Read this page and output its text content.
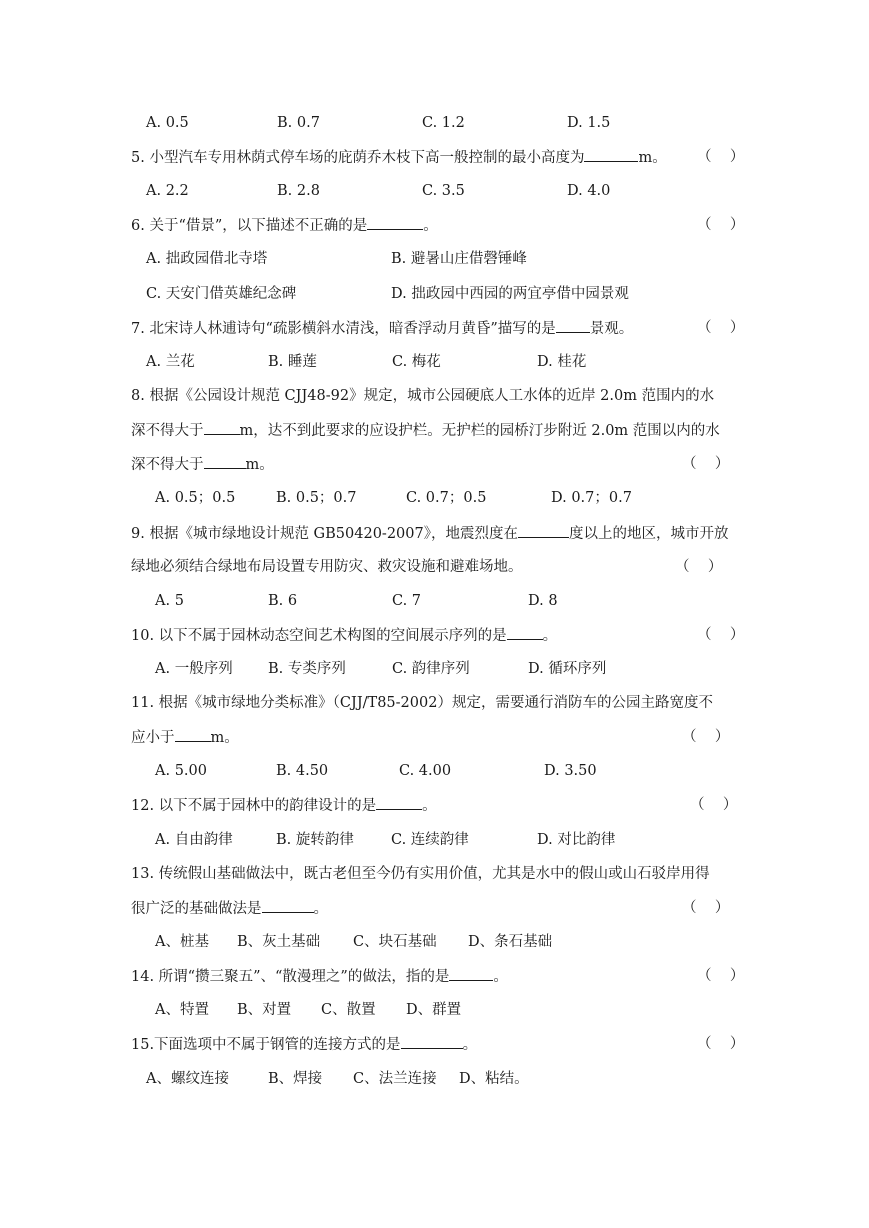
A. 0.5	B. 0.7	C. 1.2	D. 1.5
5. 小型汽车专用林荫式停车场的庇荫乔木枝下高一般控制的最小高度为	m。 （    ）
A. 2.2	B. 2.8	C. 3.5	D. 4.0
6. 关于“借景”，以下描述不正确的是	。	（    ）
A. 拙政园借北寺塔	B. 避暑山庄借磬锤峰
C. 天安门借英雄纪念碑	D. 拙政园中西园的两宜亭借中园景观
7. 北宋诗人林逋诗句“疏影横斜水清浅，暗香浮动月黄昏”描写的是 景观。	（    ）
A. 兰花	B. 睡莲	C. 梅花	D. 桂花
8. 根据《公园设计规范 CJJ48-92》规定，城市公园硬底人工水体的近岸 2.0m 范围内的水
深不得大于 m，达不到此要求的应设护栏。无护栏的园桥汀步附近 2.0m 范围以内的水
深不得大于	m。	（    ）
A. 0.5；0.5	B. 0.5；0.7	C. 0.7；0.5	D. 0.7；0.7
9. 根据《城市绿地设计规范 GB50420-2007》，地震烈度在	度以上的地区，城市开放
绿地必须结合绿地布局设置专用防灾、救灾设施和避难场地。	（    ）
A. 5	B. 6	C. 7	D. 8
10. 以下不属于园林动态空间艺术构图的空间展示序列的是 。	（    ）
A. 一般序列 B. 专类序列	C. 韵律序列	D. 循环序列
11. 根据《城市绿地分类标准》（CJJ/T85-2002）规定，需要通行消防车的公园主路宽度不
应小于 m。	（    ）
A. 5.00	B. 4.50	C. 4.00	D. 3.50
12. 以下不属于园林中的韵律设计的是	。	（    ）
A. 自由韵律	B. 旋转韵律	C. 连续韵律	D. 对比韵律
13. 传统假山基础做法中，既古老但至今仍有实用价值，尤其是水中的假山或山石驳岸用得
很广泛的基础做法是	。	（    ）
A、桩基 B、灰土基础 C、块石基础 D、条石基础
14. 所谓“攒三聚五”、“散漫理之”的做法，指的是	。	（    ）
A、特置 B、对置 C、散置 D、群置
15.下面选项中不属于钢管的连接方式的是	。	（    ）
A、螺纹连接	B、焊接 C、法兰连接 D、粘结。
